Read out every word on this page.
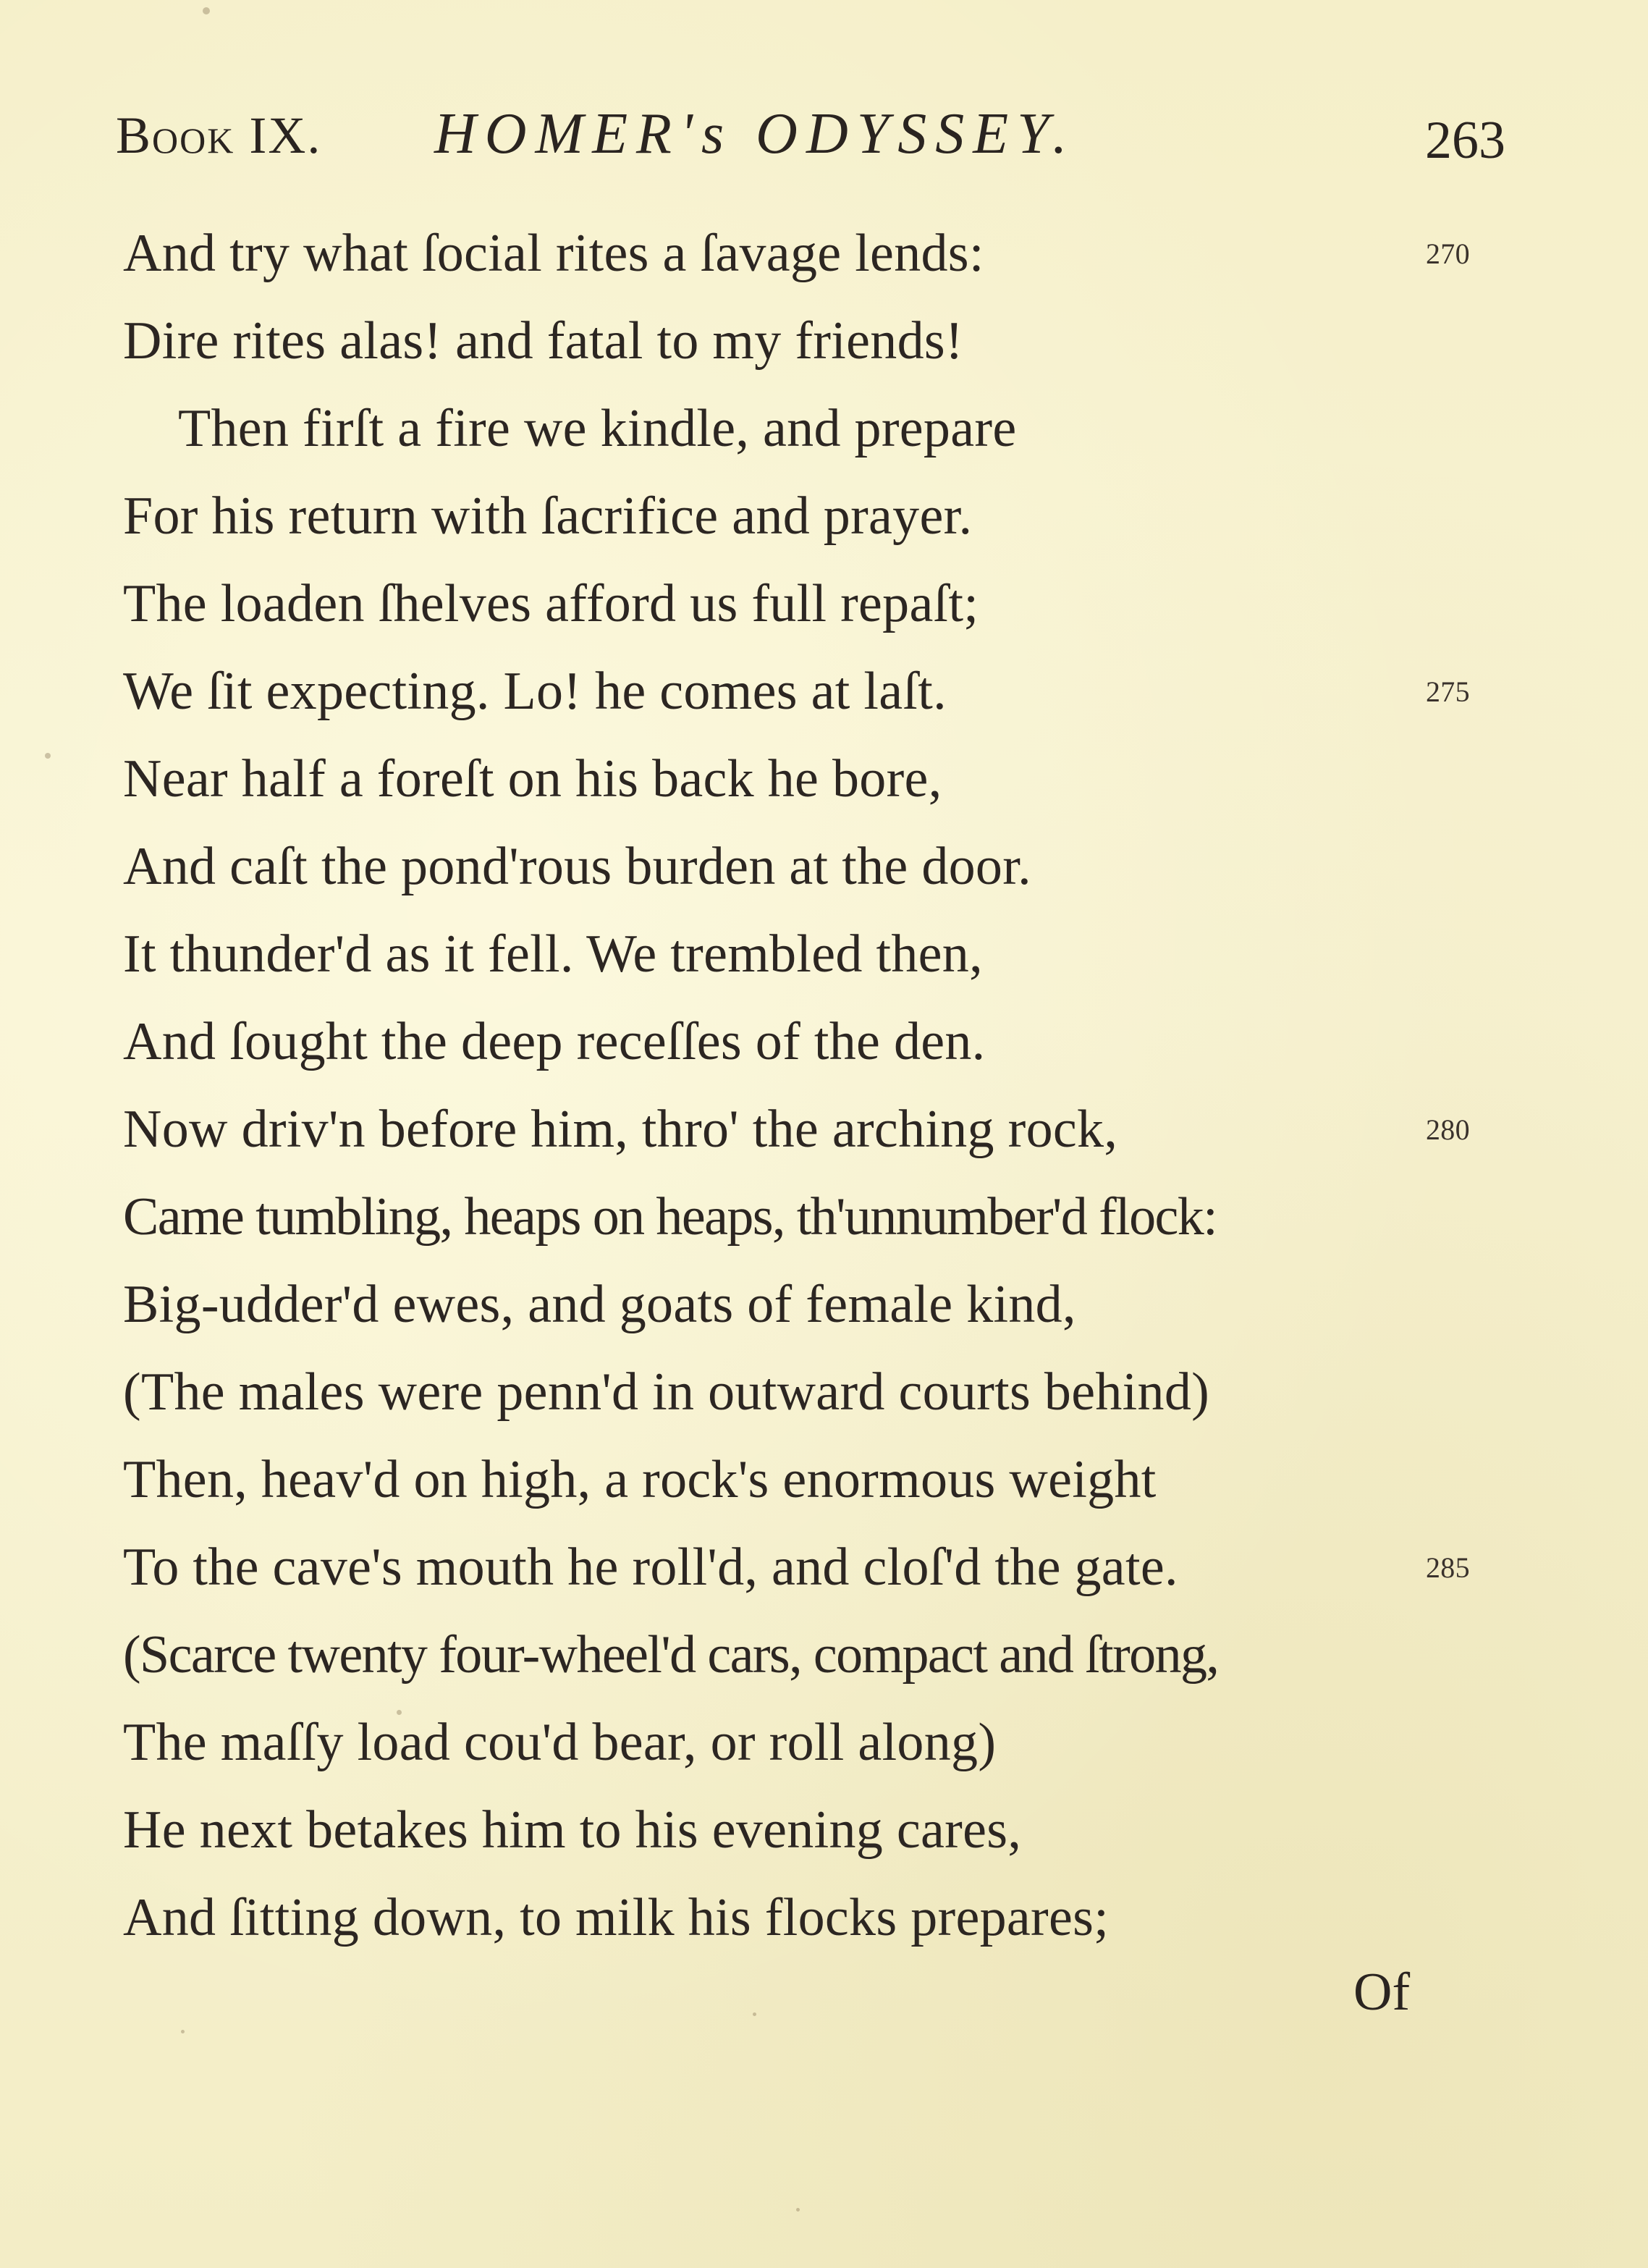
Book IX. HOMER's ODYSSEY.	263
And try what ſocial rites a ſavage lends:	270
Dire rites alas! and fatal to my friends!
Then firſt a fire we kindle, and prepare
For his return with ſacrifice and prayer.
The loaden ſhelves afford us full repaſt;
We ſit expecting. Lo! he comes at laſt.	275
Near half a foreſt on his back he bore,
And caſt the pond'rous burden at the door.
It thunder'd as it fell. We trembled then,
And ſought the deep receſſes of the den.
Now driv'n before him, thro' the arching rock,	280
Came tumbling, heaps on heaps, th'unnumber'd flock:
Big-udder'd ewes, and goats of female kind,
(The males were penn'd in outward courts behind)
Then, heav'd on high, a rock's enormous weight
To the cave's mouth he roll'd, and cloſ'd the gate.	285
(Scarce twenty four-wheel'd cars, compact and ſtrong,
The maſſy load cou'd bear, or roll along)
He next betakes him to his evening cares,
And ſitting down, to milk his flocks prepares;
Of
